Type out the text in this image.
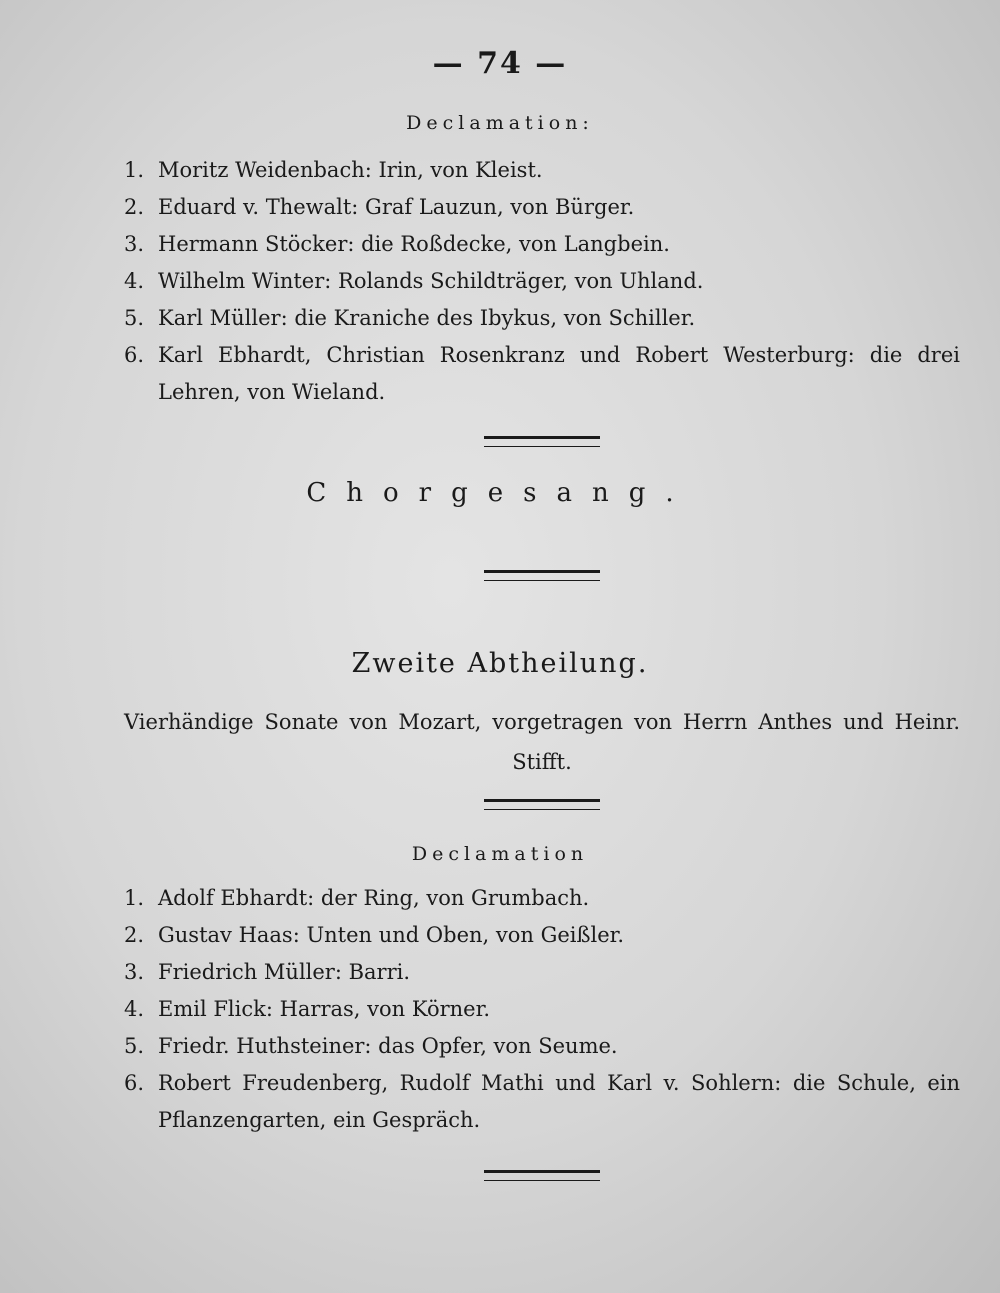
— 74 —
Declamation:
1. Moritz Weidenbach: Irin, von Kleist.
2. Eduard v. Thewalt: Graf Lauzun, von Bürger.
3. Hermann Stöcker: die Roßdecke, von Langbein.
4. Wilhelm Winter: Rolands Schildträger, von Uhland.
5. Karl Müller: die Kraniche des Ibykus, von Schiller.
6. Karl Ebhardt, Christian Rosenkranz und Robert Westerburg: die drei Lehren, von Wieland.
Chorgesang.
Zweite Abtheilung.
Vierhändige Sonate von Mozart, vorgetragen von Herrn Anthes und Heinr. Stifft.
Declamation
1. Adolf Ebhardt: der Ring, von Grumbach.
2. Gustav Haas: Unten und Oben, von Geißler.
3. Friedrich Müller: Barri.
4. Emil Flick: Harras, von Körner.
5. Friedr. Huthsteiner: das Opfer, von Seume.
6. Robert Freudenberg, Rudolf Mathi und Karl v. Sohlern: die Schule, ein Pflanzengarten, ein Gespräch.
